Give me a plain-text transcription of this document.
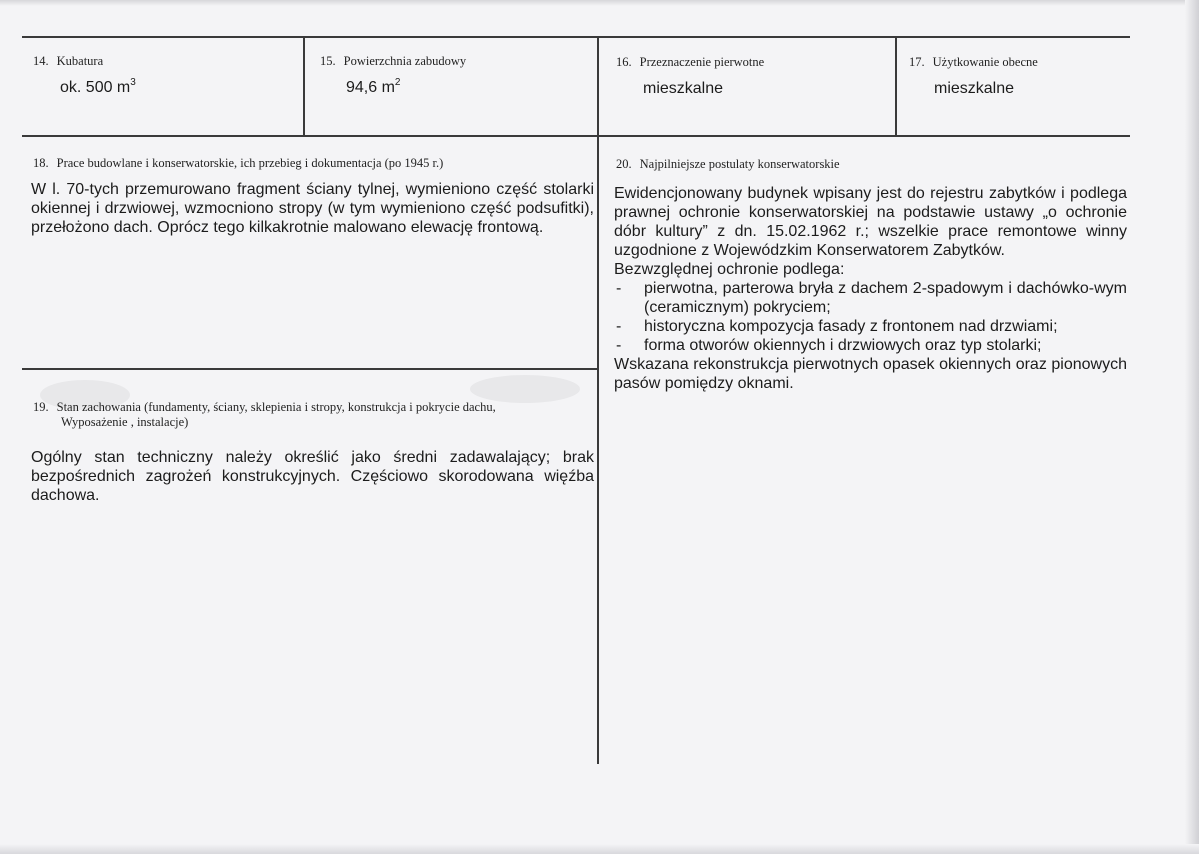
14. Kubatura
ok. 500 $m^3$
15. Powierzchnia zabudowy
94,6 $m^2$
16. Przeznaczenie pierwotne
mieszkalne
17. Użytkowanie obecne
mieszkalne
18. Prace budowlane i konserwatorskie, ich przebieg i dokumentacja (po 1945 r.)

W l. 70-tych przemurowano fragment ściany tylnej, wymieniono część stolarki okiennej i drzwiowej, wzmocniono stropy (w tym wymieniono część podsufitki), przełożono dach. Oprócz tego kilkakrotnie malowano elewację frontową.

19. Stan zachowania (fundamenty, ściany, sklepienia i stropy, konstrukcja i pokrycie dachu,
Wyposażenie , instalacje)

Ogólny stan techniczny należy określić jako średni zadawalający; brak bezpośrednich zagrożeń konstrukcyjnych. Częściowo skorodowana więźba dachowa.

20. Najpilniejsze postulaty konserwatorskie

Ewidencjonowany budynek wpisany jest do rejestru zabytków i podlega prawnej ochronie konserwatorskiej na podstawie ustawy „o ochronie dóbr kultury” z dn. 15.02.1962 r.; wszelkie prace remontowe winny uzgodnione z Wojewódzkim Konserwatorem Zabytków.

Bezwzględnej ochronie podlega:

- pierwotna, parterowa bryła z dachem 2-spadowym i dachówko-wym (ceramicznym) pokryciem;
- historyczna kompozycja fasady z frontonem nad drzwiami;
- forma otworów okiennych i drzwiowych oraz typ stolarki;

Wskazana rekonstrukcja pierwotnych opasek okiennych oraz pionowych pasów pomiędzy oknami.
